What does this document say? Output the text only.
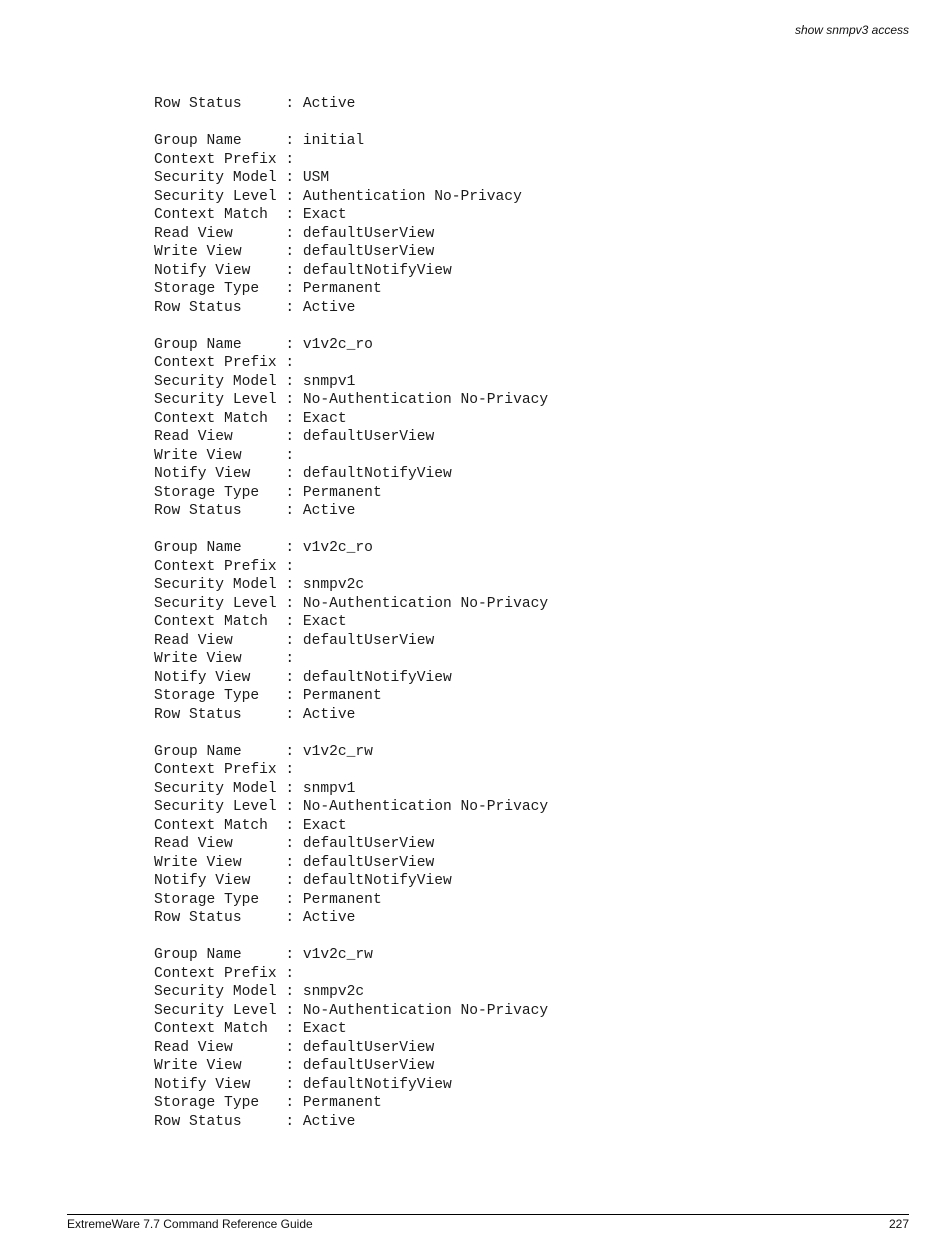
show snmpv3 access
Row Status     : Active
Group Name     : initial
Context Prefix :
Security Model : USM
Security Level : Authentication No-Privacy
Context Match  : Exact
Read View      : defaultUserView
Write View     : defaultUserView
Notify View    : defaultNotifyView
Storage Type   : Permanent
Row Status     : Active
Group Name     : v1v2c_ro
Context Prefix :
Security Model : snmpv1
Security Level : No-Authentication No-Privacy
Context Match  : Exact
Read View      : defaultUserView
Write View     :
Notify View    : defaultNotifyView
Storage Type   : Permanent
Row Status     : Active
Group Name     : v1v2c_ro
Context Prefix :
Security Model : snmpv2c
Security Level : No-Authentication No-Privacy
Context Match  : Exact
Read View      : defaultUserView
Write View     :
Notify View    : defaultNotifyView
Storage Type   : Permanent
Row Status     : Active
Group Name     : v1v2c_rw
Context Prefix :
Security Model : snmpv1
Security Level : No-Authentication No-Privacy
Context Match  : Exact
Read View      : defaultUserView
Write View     : defaultUserView
Notify View    : defaultNotifyView
Storage Type   : Permanent
Row Status     : Active
Group Name     : v1v2c_rw
Context Prefix :
Security Model : snmpv2c
Security Level : No-Authentication No-Privacy
Context Match  : Exact
Read View      : defaultUserView
Write View     : defaultUserView
Notify View    : defaultNotifyView
Storage Type   : Permanent
Row Status     : Active
ExtremeWare 7.7 Command Reference Guide	227
